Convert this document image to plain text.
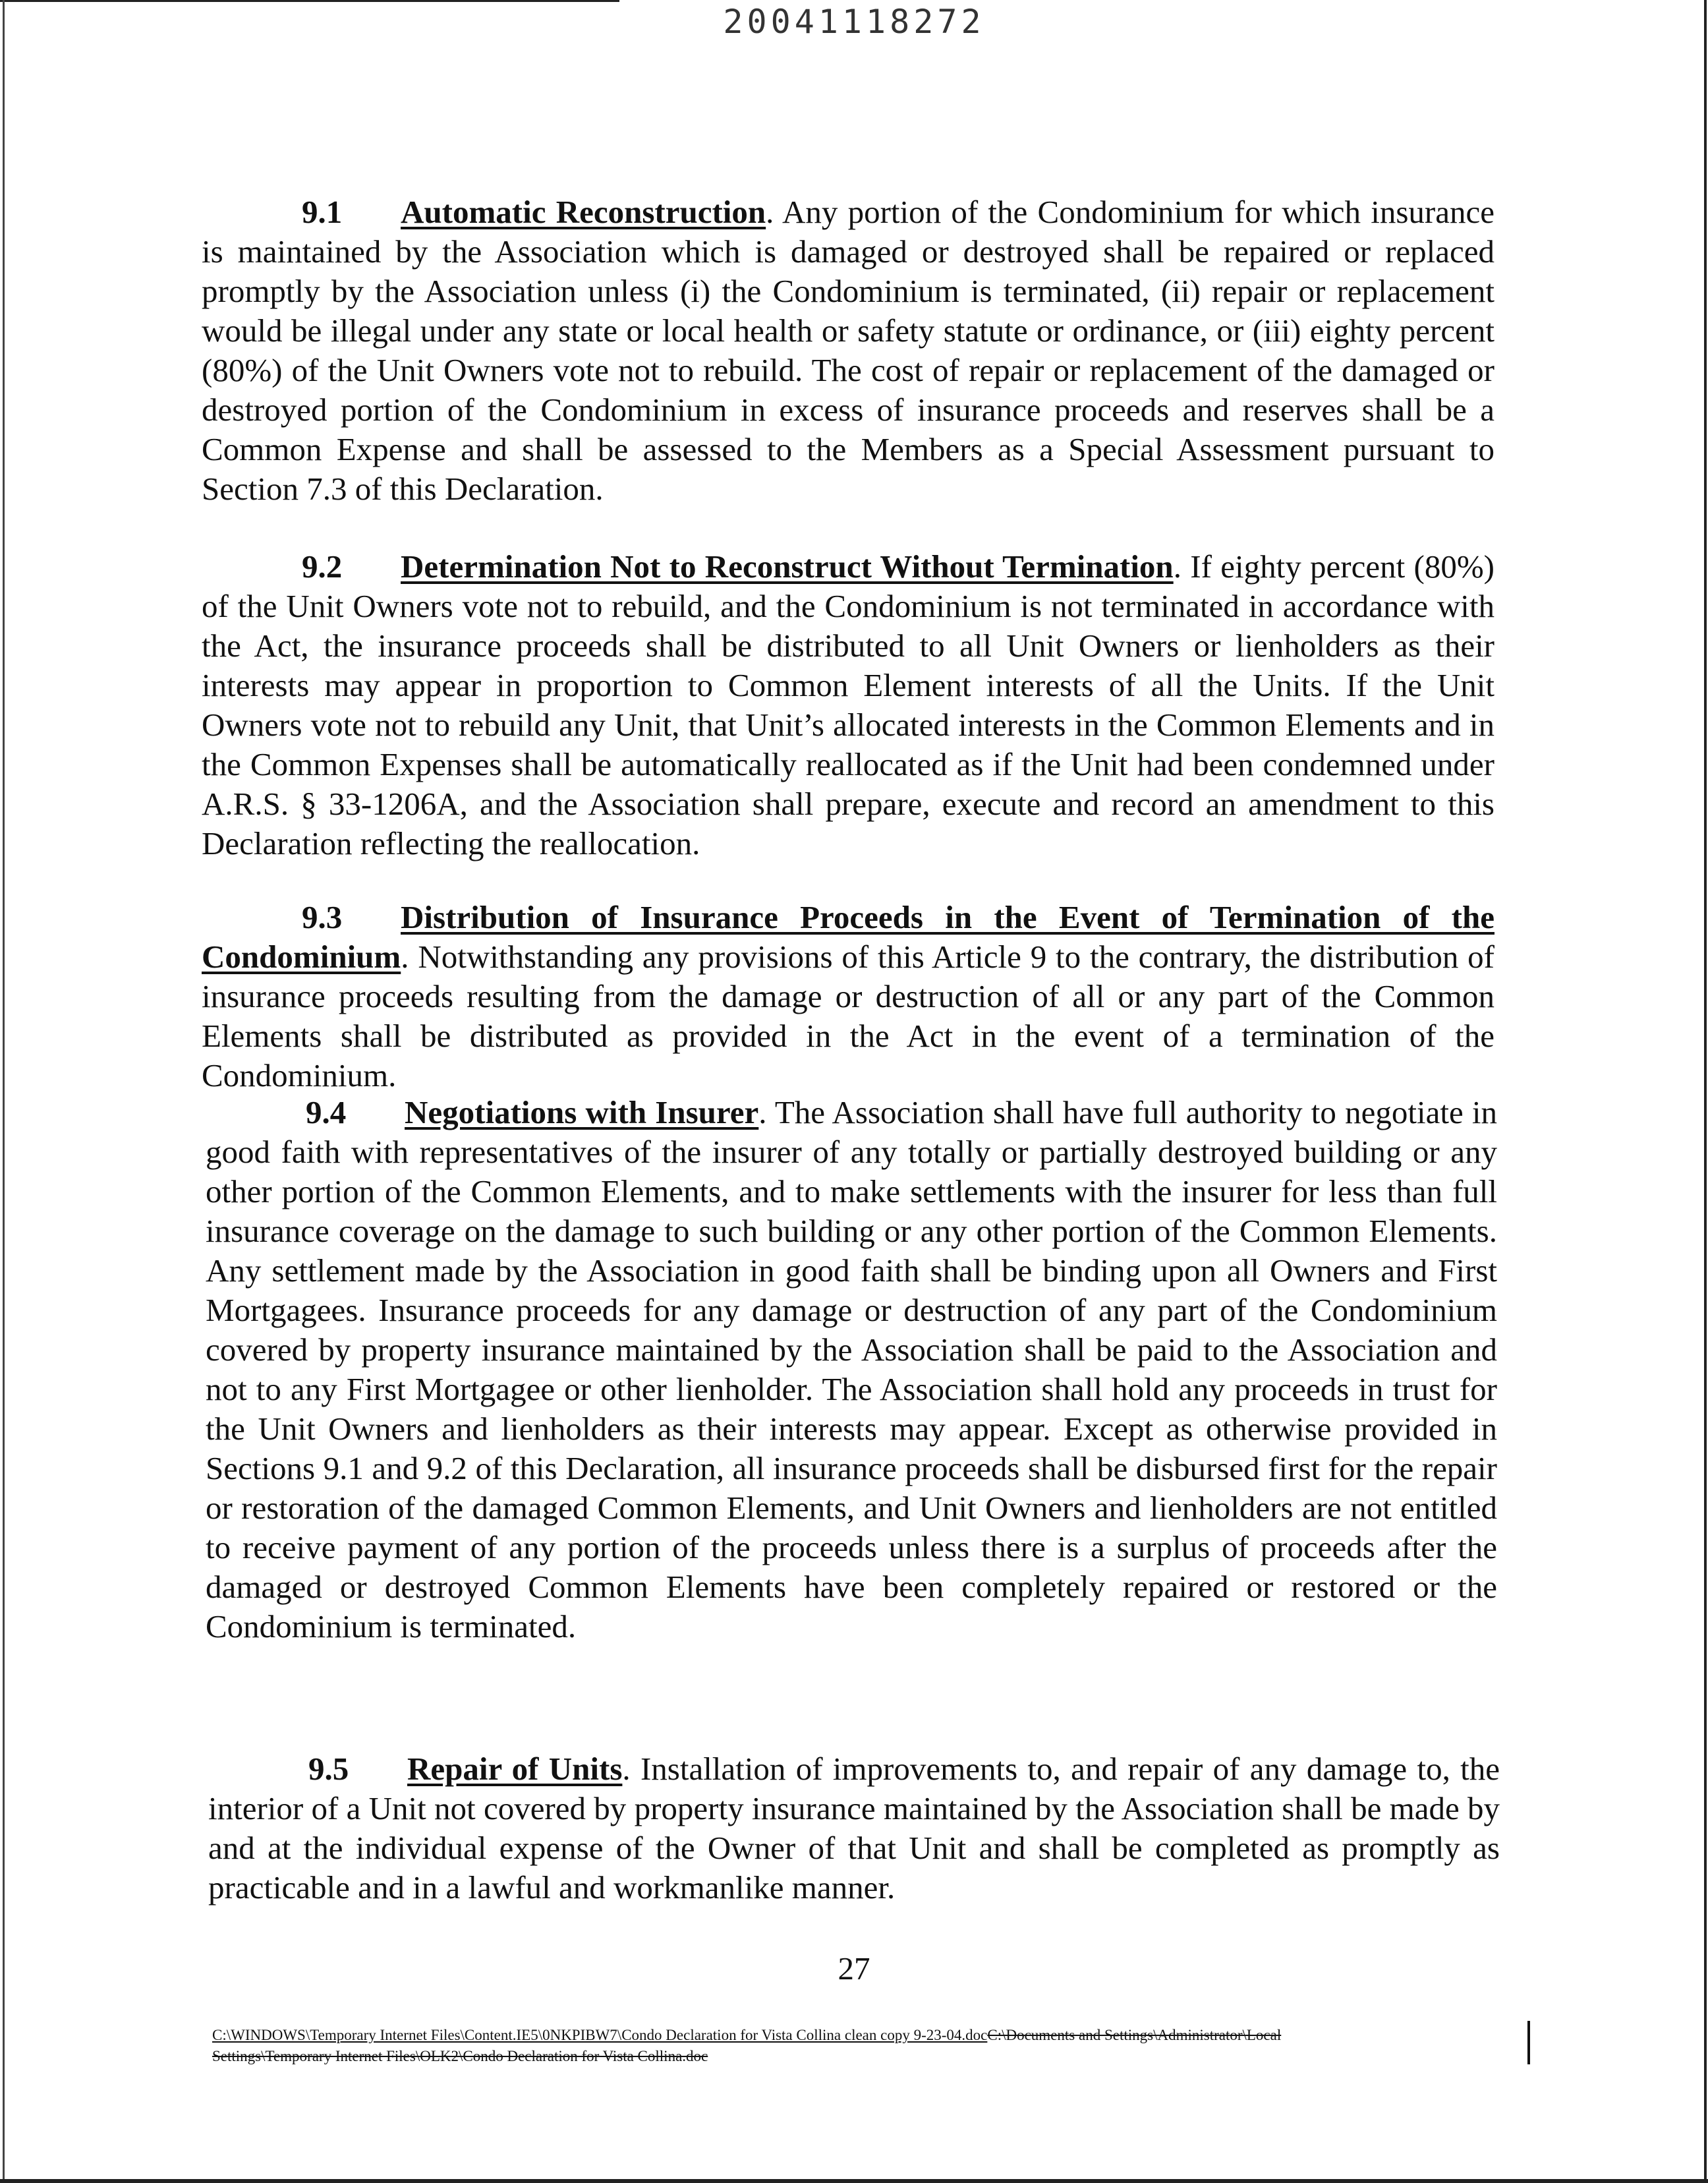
20041118272

9.1 Automatic Reconstruction. Any portion of the Condominium for which insurance is maintained by the Association which is damaged or destroyed shall be repaired or replaced promptly by the Association unless (i) the Condominium is terminated, (ii) repair or replacement would be illegal under any state or local health or safety statute or ordinance, or (iii) eighty percent (80%) of the Unit Owners vote not to rebuild. The cost of repair or replacement of the damaged or destroyed portion of the Condominium in excess of insurance proceeds and reserves shall be a Common Expense and shall be assessed to the Members as a Special Assessment pursuant to Section 7.3 of this Declaration.

9.2 Determination Not to Reconstruct Without Termination. If eighty percent (80%) of the Unit Owners vote not to rebuild, and the Condominium is not terminated in accordance with the Act, the insurance proceeds shall be distributed to all Unit Owners or lienholders as their interests may appear in proportion to Common Element interests of all the Units. If the Unit Owners vote not to rebuild any Unit, that Unit’s allocated interests in the Common Elements and in the Common Expenses shall be automatically reallocated as if the Unit had been condemned under A.R.S. § 33-1206A, and the Association shall prepare, execute and record an amendment to this Declaration reflecting the reallocation.

9.3 Distribution of Insurance Proceeds in the Event of Termination of the Condominium. Notwithstanding any provisions of this Article 9 to the contrary, the distribution of insurance proceeds resulting from the damage or destruction of all or any part of the Common Elements shall be distributed as provided in the Act in the event of a termination of the Condominium.

9.4 Negotiations with Insurer. The Association shall have full authority to negotiate in good faith with representatives of the insurer of any totally or partially destroyed building or any other portion of the Common Elements, and to make settlements with the insurer for less than full insurance coverage on the damage to such building or any other portion of the Common Elements. Any settlement made by the Association in good faith shall be binding upon all Owners and First Mortgagees. Insurance proceeds for any damage or destruction of any part of the Condominium covered by property insurance maintained by the Association shall be paid to the Association and not to any First Mortgagee or other lienholder. The Association shall hold any proceeds in trust for the Unit Owners and lienholders as their interests may appear. Except as otherwise provided in Sections 9.1 and 9.2 of this Declaration, all insurance proceeds shall be disbursed first for the repair or restoration of the damaged Common Elements, and Unit Owners and lienholders are not entitled to receive payment of any portion of the proceeds unless there is a surplus of proceeds after the damaged or destroyed Common Elements have been completely repaired or restored or the Condominium is terminated.

9.5 Repair of Units. Installation of improvements to, and repair of any damage to, the interior of a Unit not covered by property insurance maintained by the Association shall be made by and at the individual expense of the Owner of that Unit and shall be completed as promptly as practicable and in a lawful and workmanlike manner.

27
C:\WINDOWS\Temporary Internet Files\Content.IE5\0NKPIBW7\Condo Declaration for Vista Collina clean copy 9-23-04.docC:\Documents and Settings\Administrator\Local Settings\Temporary Internet Files\OLK2\Condo Declaration for Vista Collina.doc
